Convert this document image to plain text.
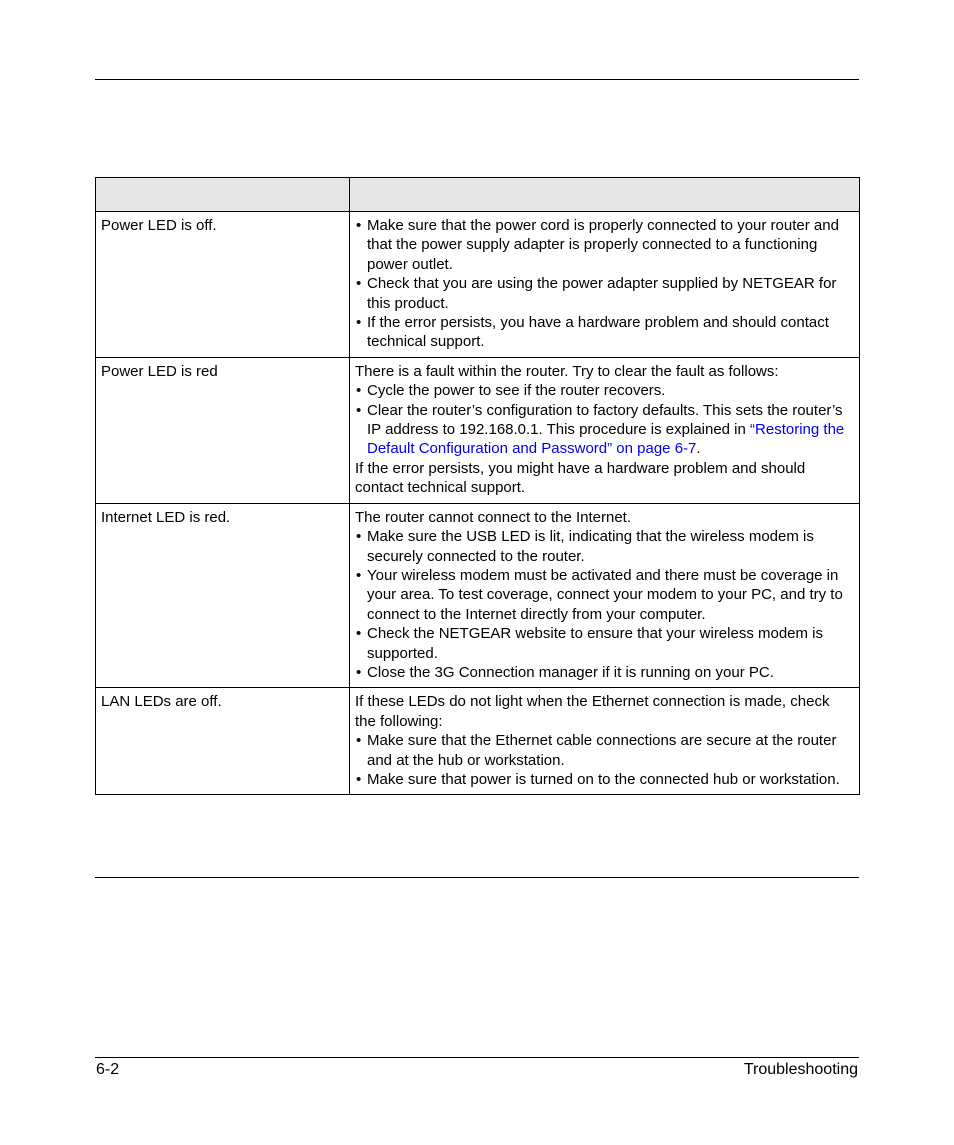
Power LED is off.	• Make sure that the power cord is properly connected to your router and that the power supply adapter is properly connected to a functioning power outlet.
• Check that you are using the power adapter supplied by NETGEAR for this product.
• If the error persists, you have a hardware problem and should contact technical support.

Power LED is red	There is a fault within the router. Try to clear the fault as follows:
• Cycle the power to see if the router recovers.
• Clear the router’s configuration to factory defaults. This sets the router’s IP address to 192.168.0.1. This procedure is explained in “Restoring the Default Configuration and Password” on page 6-7.
If the error persists, you might have a hardware problem and should contact technical support.

Internet LED is red.	The router cannot connect to the Internet.
• Make sure the USB LED is lit, indicating that the wireless modem is securely connected to the router.
• Your wireless modem must be activated and there must be coverage in your area. To test coverage, connect your modem to your PC, and try to connect to the Internet directly from your computer.
• Check the NETGEAR website to ensure that your wireless modem is supported.
• Close the 3G Connection manager if it is running on your PC.

LAN LEDs are off.	If these LEDs do not light when the Ethernet connection is made, check the following:
• Make sure that the Ethernet cable connections are secure at the router and at the hub or workstation.
• Make sure that power is turned on to the connected hub or workstation.
6-2	Troubleshooting
